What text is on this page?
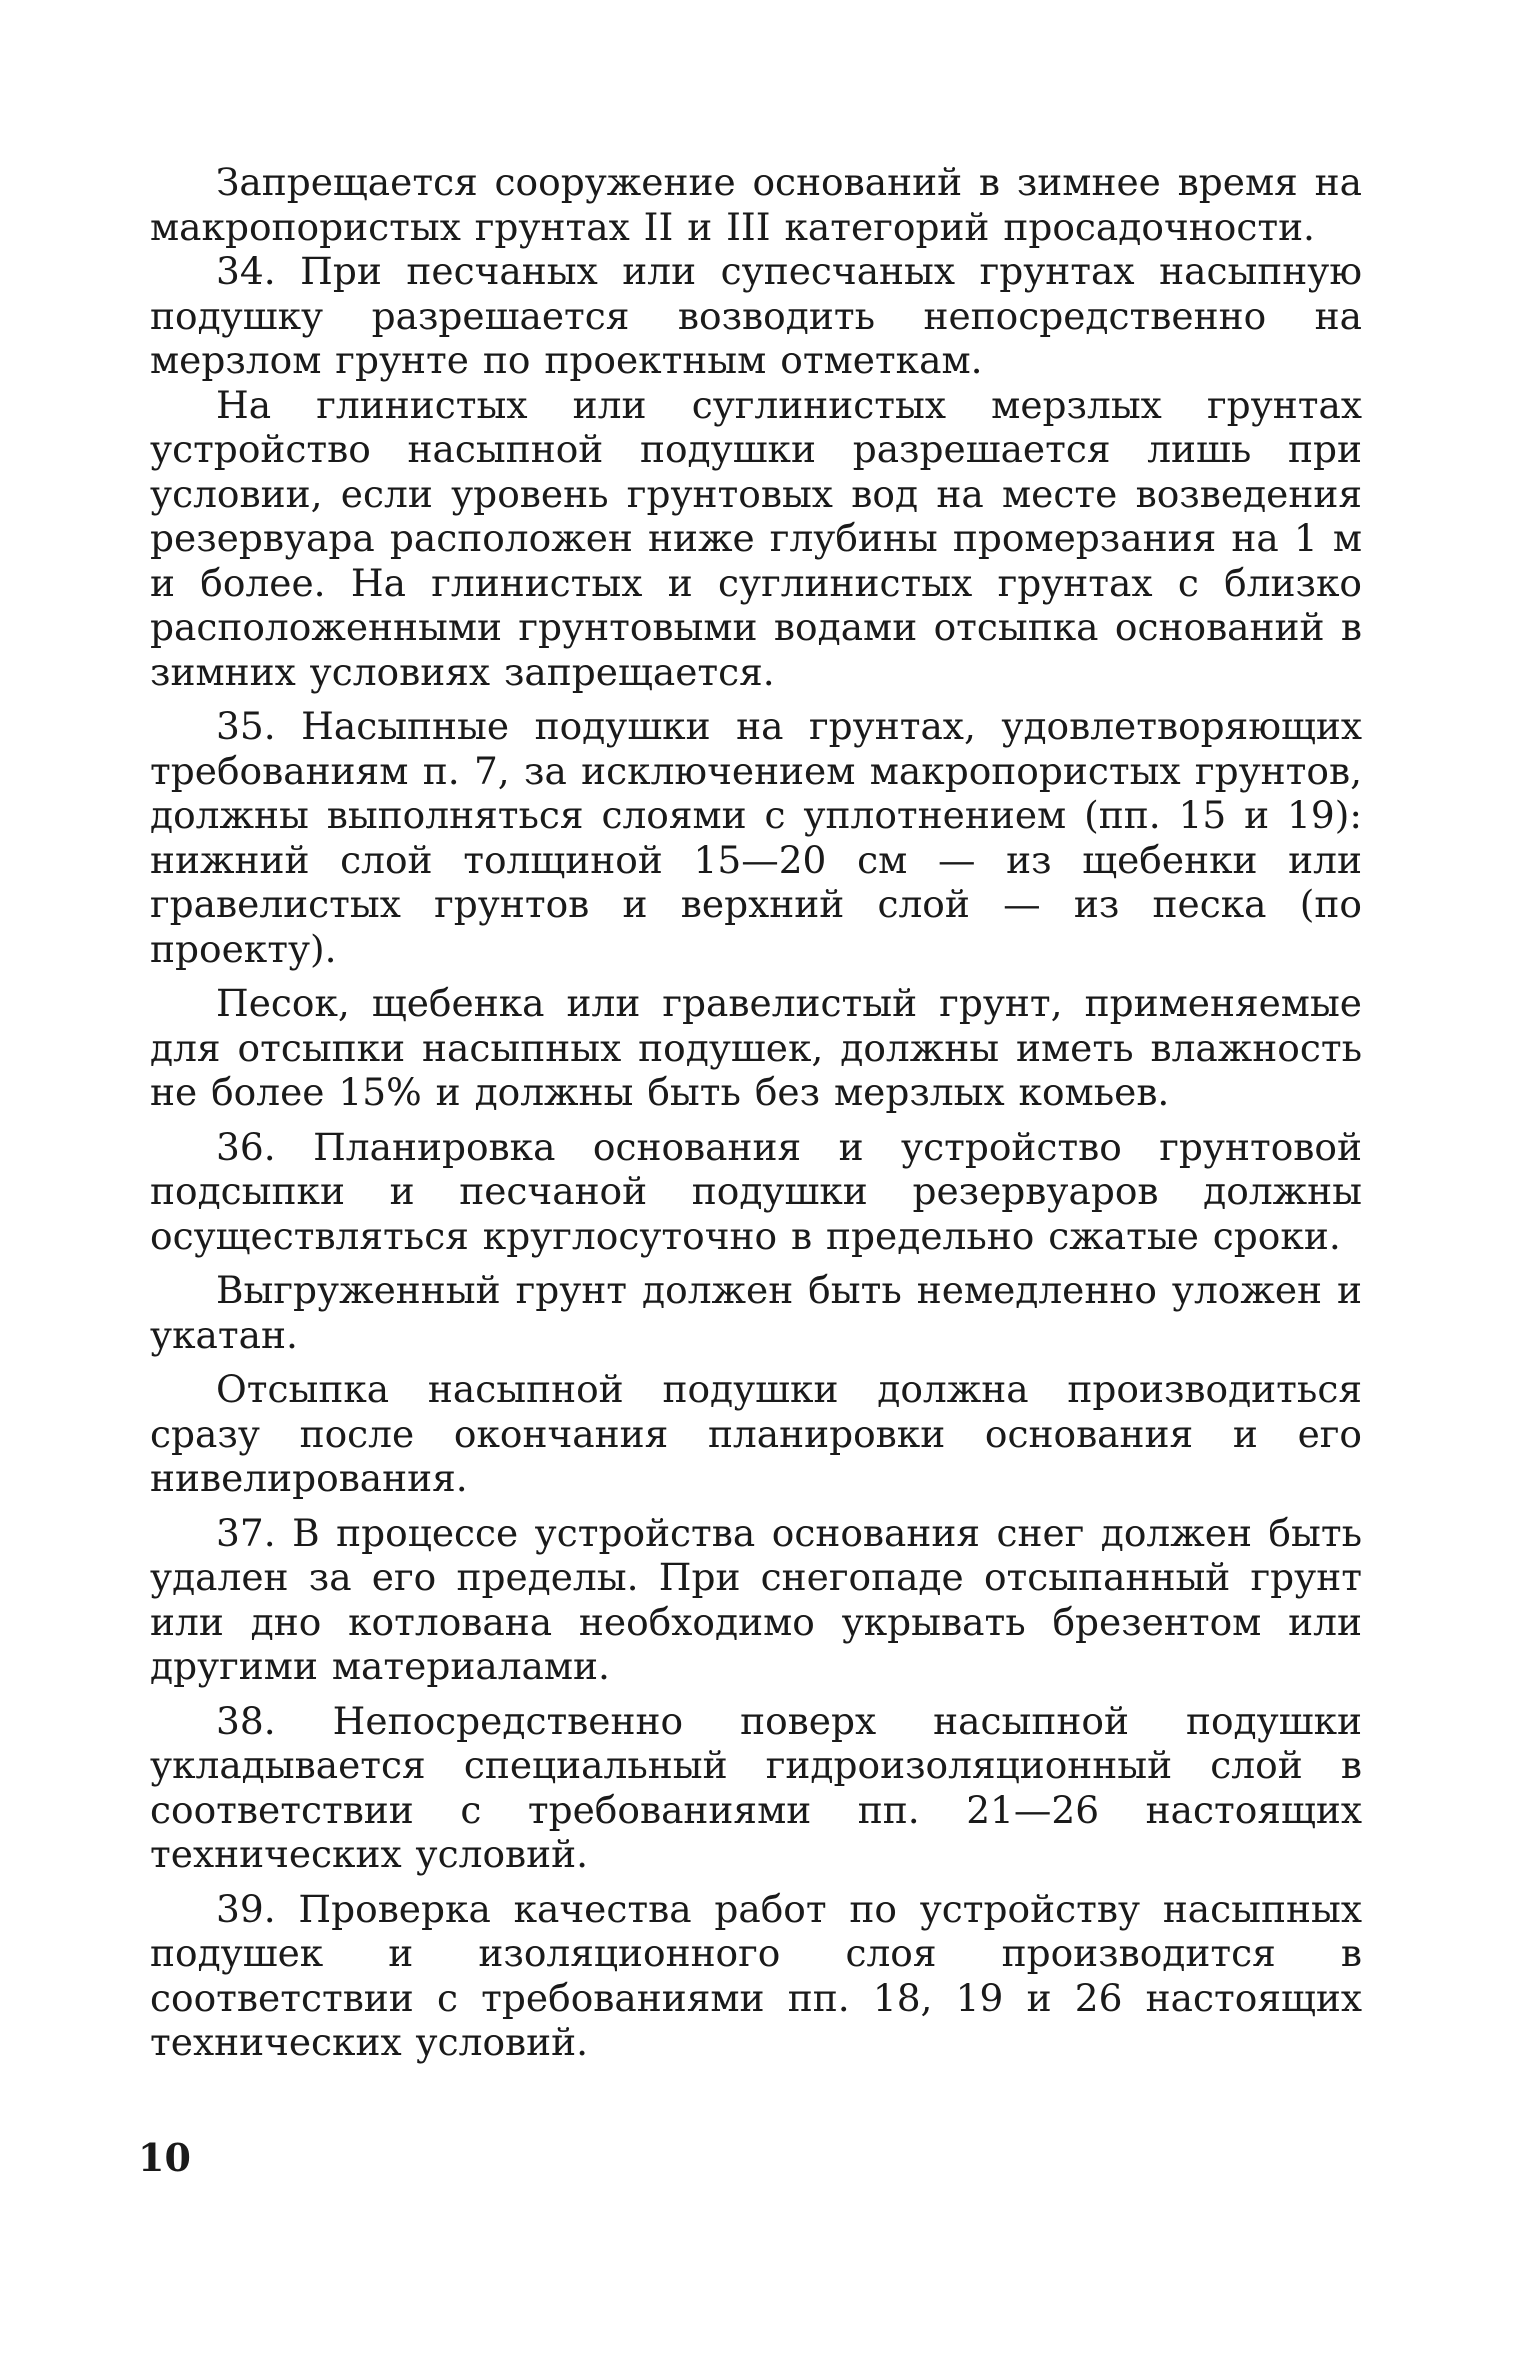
Запрещается сооружение оснований в зимнее время на макропористых грунтах II и III категорий просадочности.

34. При песчаных или супесчаных грунтах насыпную подушку разрешается возводить непосредственно на мерзлом грунте по проектным отметкам.

На глинистых или суглинистых мерзлых грунтах устройство насыпной подушки разрешается лишь при условии, если уровень грунтовых вод на месте возведения резервуара расположен ниже глубины промерзания на 1 м и более. На глинистых и суглинистых грунтах с близко расположенными грунтовыми водами отсыпка оснований в зимних условиях запрещается.

35. Насыпные подушки на грунтах, удовлетворяющих требованиям п. 7, за исключением макропористых грунтов, должны выполняться слоями с уплотнением (пп. 15 и 19): нижний слой толщиной 15—20 см — из щебенки или гравелистых грунтов и верхний слой — из песка (по проекту).

Песок, щебенка или гравелистый грунт, применяемые для отсыпки насыпных подушек, должны иметь влажность не более 15% и должны быть без мерзлых комьев.

36. Планировка основания и устройство грунтовой подсыпки и песчаной подушки резервуаров должны осуществляться круглосуточно в предельно сжатые сроки.

Выгруженный грунт должен быть немедленно уложен и укатан.

Отсыпка насыпной подушки должна производиться сразу после окончания планировки основания и его нивелирования.

37. В процессе устройства основания снег должен быть удален за его пределы. При снегопаде отсыпанный грунт или дно котлована необходимо укрывать брезентом или другими материалами.

38. Непосредственно поверх насыпной подушки укладывается специальный гидроизоляционный слой в соответствии с требованиями пп. 21—26 настоящих технических условий.

39. Проверка качества работ по устройству насыпных подушек и изоляционного слоя производится в соответствии с требованиями пп. 18, 19 и 26 настоящих технических условий.

10
